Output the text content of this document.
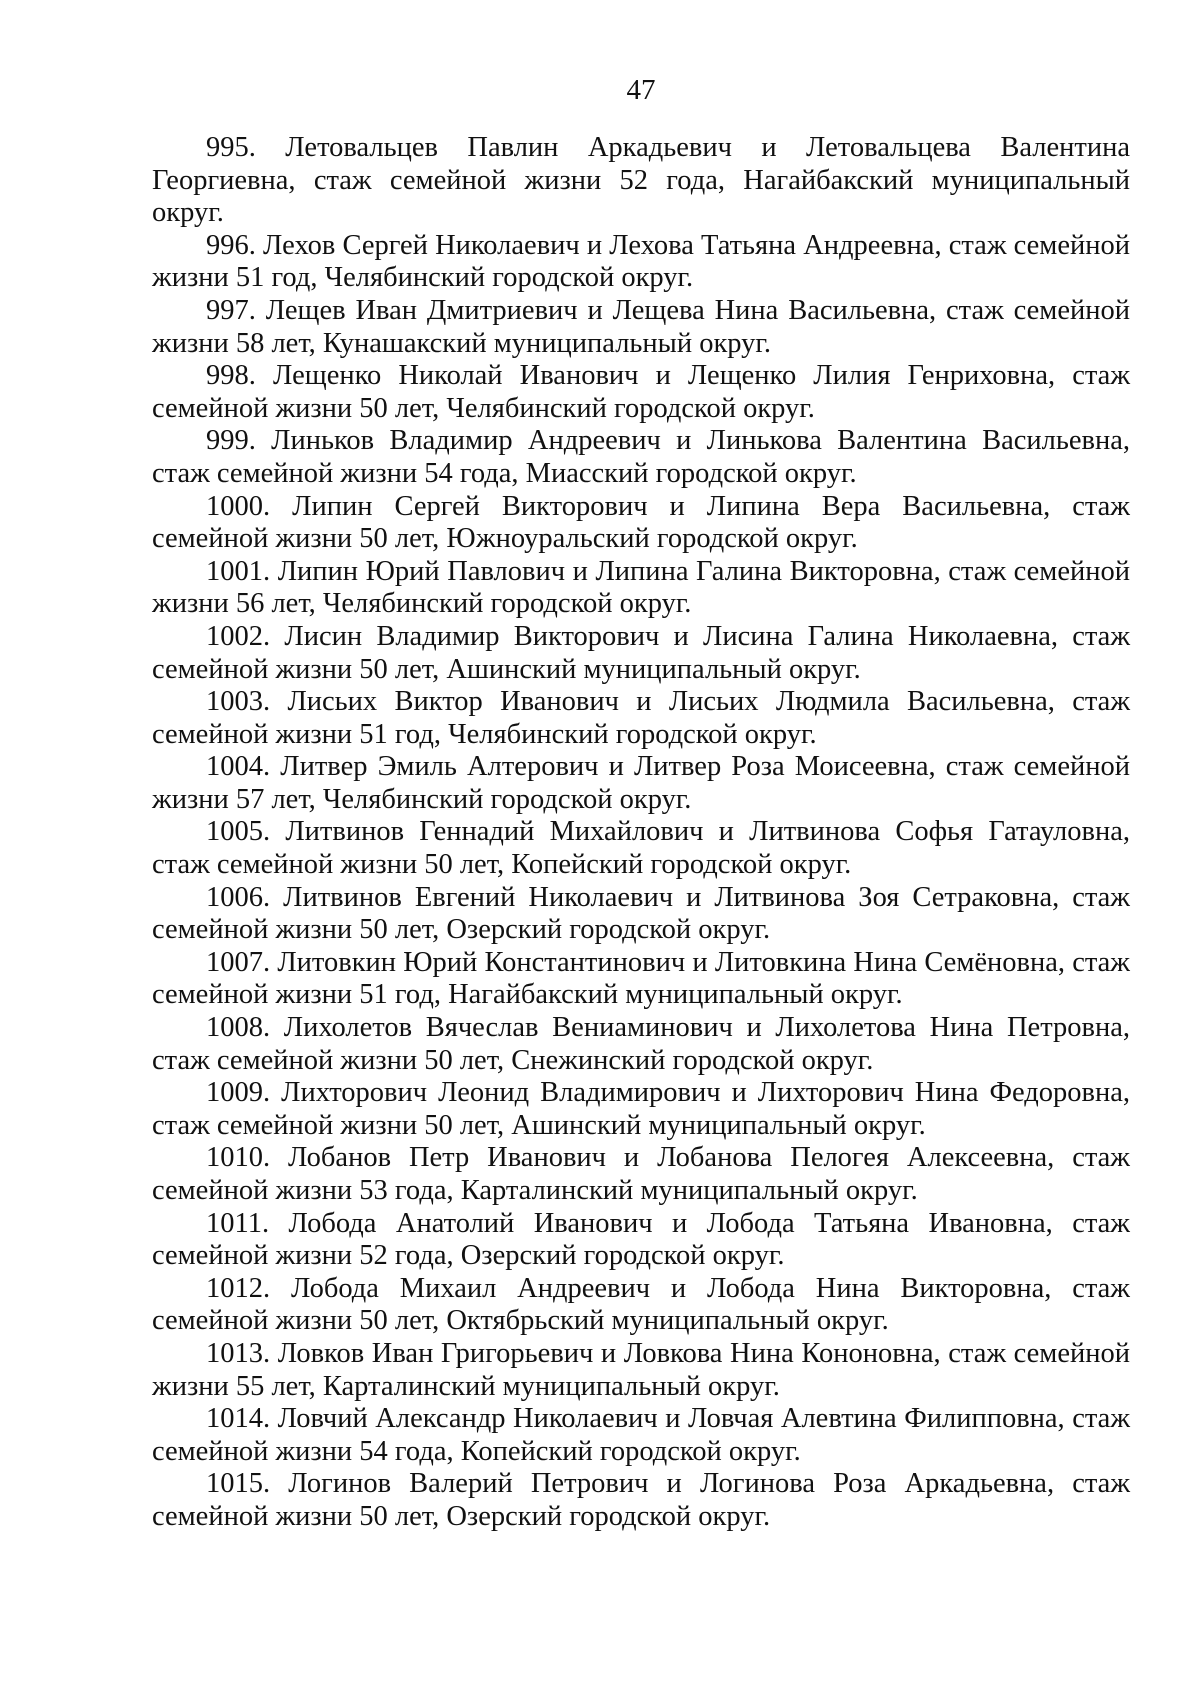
47

995. Летовальцев Павлин Аркадьевич и Летовальцева Валентина Георгиевна, стаж семейной жизни 52 года, Нагайбакский муниципальный округ.

996. Лехов Сергей Николаевич и Лехова Татьяна Андреевна, стаж семейной жизни 51 год, Челябинский городской округ.

997. Лещев Иван Дмитриевич и Лещева Нина Васильевна, стаж семейной жизни 58 лет, Кунашакский муниципальный округ.

998. Лещенко Николай Иванович и Лещенко Лилия Генриховна, стаж семейной жизни 50 лет, Челябинский городской округ.

999. Линьков Владимир Андреевич и Линькова Валентина Васильевна, стаж семейной жизни 54 года, Миасский городской округ.

1000. Липин Сергей Викторович и Липина Вера Васильевна, стаж семейной жизни 50 лет, Южноуральский городской округ.

1001. Липин Юрий Павлович и Липина Галина Викторовна, стаж семейной жизни 56 лет, Челябинский городской округ.

1002. Лисин Владимир Викторович и Лисина Галина Николаевна, стаж семейной жизни 50 лет, Ашинский муниципальный округ.

1003. Лисьих Виктор Иванович и Лисьих Людмила Васильевна, стаж семейной жизни 51 год, Челябинский городской округ.

1004. Литвер Эмиль Алтерович и Литвер Роза Моисеевна, стаж семейной жизни 57 лет, Челябинский городской округ.

1005. Литвинов Геннадий Михайлович и Литвинова Софья Гатауловна, стаж семейной жизни 50 лет, Копейский городской округ.

1006. Литвинов Евгений Николаевич и Литвинова Зоя Сетраковна, стаж семейной жизни 50 лет, Озерский городской округ.

1007. Литовкин Юрий Константинович и Литовкина Нина Семёновна, стаж семейной жизни 51 год, Нагайбакский муниципальный округ.

1008. Лихолетов Вячеслав Вениаминович и Лихолетова Нина Петровна, стаж семейной жизни 50 лет, Снежинский городской округ.

1009. Лихторович Леонид Владимирович и Лихторович Нина Федоровна, стаж семейной жизни 50 лет, Ашинский муниципальный округ.

1010. Лобанов Петр Иванович и Лобанова Пелогея Алексеевна, стаж семейной жизни 53 года, Карталинский муниципальный округ.

1011. Лобода Анатолий Иванович и Лобода Татьяна Ивановна, стаж семейной жизни 52 года, Озерский городской округ.

1012. Лобода Михаил Андреевич и Лобода Нина Викторовна, стаж семейной жизни 50 лет, Октябрьский муниципальный округ.

1013. Ловков Иван Григорьевич и Ловкова Нина Кононовна, стаж семейной жизни 55 лет, Карталинский муниципальный округ.

1014. Ловчий Александр Николаевич и Ловчая Алевтина Филипповна, стаж семейной жизни 54 года, Копейский городской округ.

1015. Логинов Валерий Петрович и Логинова Роза Аркадьевна, стаж семейной жизни 50 лет, Озерский городской округ.
